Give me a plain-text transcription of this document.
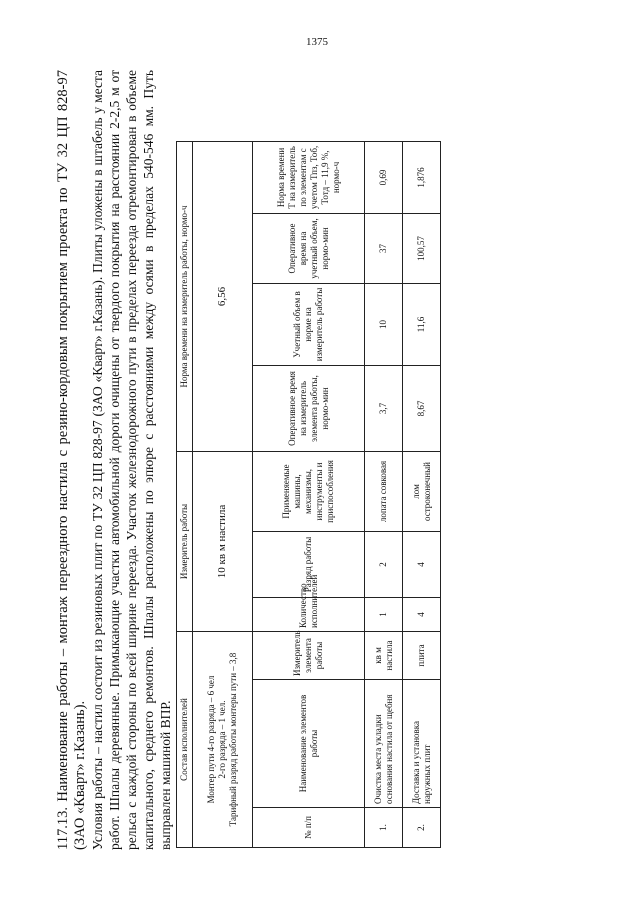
1375

117.13. Наименование работы – монтаж переездного настила с резино-кордовым покрытием проекта по ТУ 32 ЦП 828-97 (ЗАО «Кварт» г.Казань). Условия работы – настил состоит из резиновых плит по ТУ 32 ЦП 828-97 (ЗАО «Кварт» г.Казань). Плиты уложены в штабель у места работ. Шпалы деревянные. Примыкающие участки автомобильной дороги очищены от твердого покрытия на расстоянии 2-2,5 м от рельса с каждой стороны по всей ширине переезда. Участок железнодорожного пути в пределах переезда отремонтирован в объеме капитального, среднего ремонтов. Шпалы расположены по эпюре с расстояниями между осями в пределах 540-546 мм. Путь выправлен машиной ВПР. Состав исполнителей			Измеритель работы			Норма времени на измеритель работы, нормо-ч			

Монтер пути 4-го разряда – 6 чел 2-го разряда – 1 чел. Тарифный разряд работы монтеры пути – 3,8			10 кв м настила			6,56			
№ п/п	Наименование элементов работы	Измеритель элемента работы	Количество исполнителей	Разряд работы	Применяемые машины, механизмы, инструменты и приспособления	Оперативное время на измеритель элемента работы, нормо-мин	Учетный объем в норме на измеритель работы	Оперативное время на учетный объем, нормо-мин	Норма времени Т на измеритель по элементам с учетом Тпз, Тоб, Тотд – 11,9 %, нормо-ч
1.	Очистка места укладки основания настила от щебня	кв м настила	1	2	лопата совковая	3,7	10	37	0,69
2.	Доставка и установка наружных плит	плита	4	4	лом остроконечный	8,67	11,6	100,57	1,876
